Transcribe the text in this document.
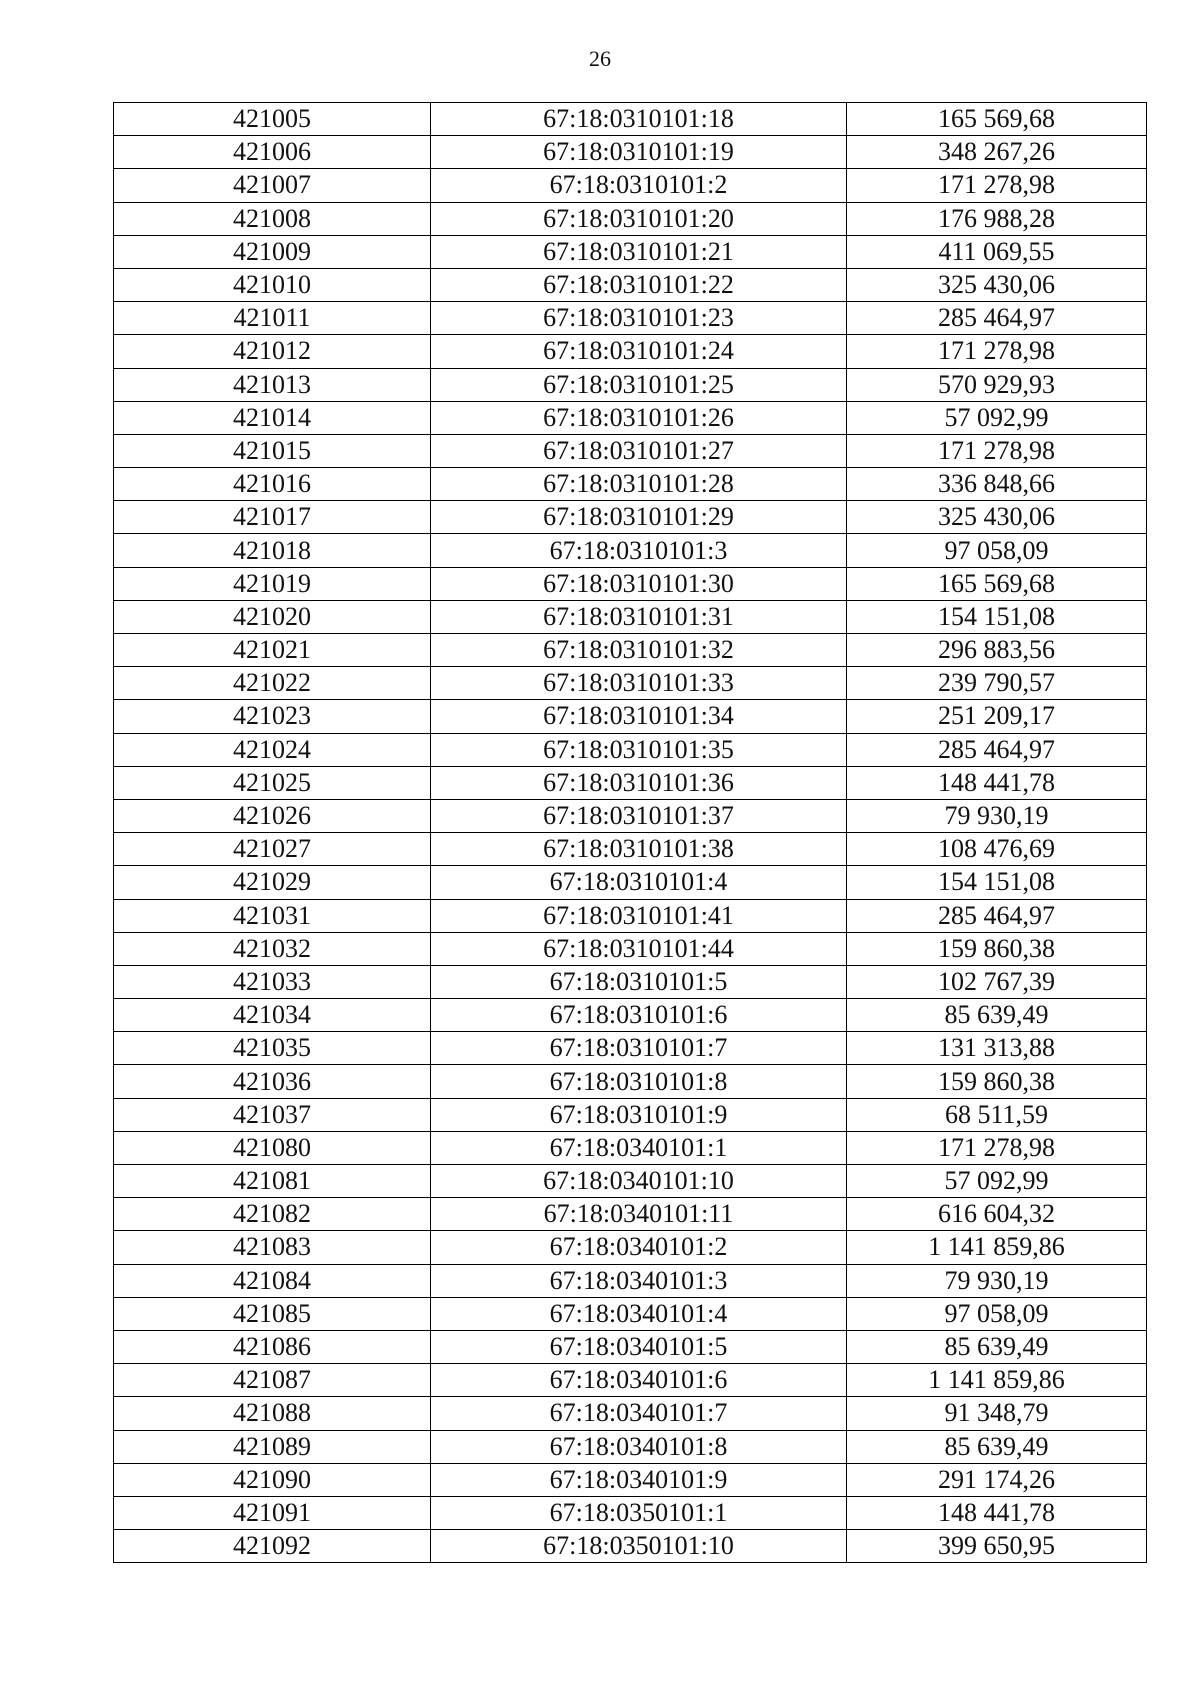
26
421005	67:18:0310101:18	165 569,68
421006	67:18:0310101:19	348 267,26
421007	67:18:0310101:2	171 278,98
421008	67:18:0310101:20	176 988,28
421009	67:18:0310101:21	411 069,55
421010	67:18:0310101:22	325 430,06
421011	67:18:0310101:23	285 464,97
421012	67:18:0310101:24	171 278,98
421013	67:18:0310101:25	570 929,93
421014	67:18:0310101:26	57 092,99
421015	67:18:0310101:27	171 278,98
421016	67:18:0310101:28	336 848,66
421017	67:18:0310101:29	325 430,06
421018	67:18:0310101:3	97 058,09
421019	67:18:0310101:30	165 569,68
421020	67:18:0310101:31	154 151,08
421021	67:18:0310101:32	296 883,56
421022	67:18:0310101:33	239 790,57
421023	67:18:0310101:34	251 209,17
421024	67:18:0310101:35	285 464,97
421025	67:18:0310101:36	148 441,78
421026	67:18:0310101:37	79 930,19
421027	67:18:0310101:38	108 476,69
421029	67:18:0310101:4	154 151,08
421031	67:18:0310101:41	285 464,97
421032	67:18:0310101:44	159 860,38
421033	67:18:0310101:5	102 767,39
421034	67:18:0310101:6	85 639,49
421035	67:18:0310101:7	131 313,88
421036	67:18:0310101:8	159 860,38
421037	67:18:0310101:9	68 511,59
421080	67:18:0340101:1	171 278,98
421081	67:18:0340101:10	57 092,99
421082	67:18:0340101:11	616 604,32
421083	67:18:0340101:2	1 141 859,86
421084	67:18:0340101:3	79 930,19
421085	67:18:0340101:4	97 058,09
421086	67:18:0340101:5	85 639,49
421087	67:18:0340101:6	1 141 859,86
421088	67:18:0340101:7	91 348,79
421089	67:18:0340101:8	85 639,49
421090	67:18:0340101:9	291 174,26
421091	67:18:0350101:1	148 441,78
421092	67:18:0350101:10	399 650,95
